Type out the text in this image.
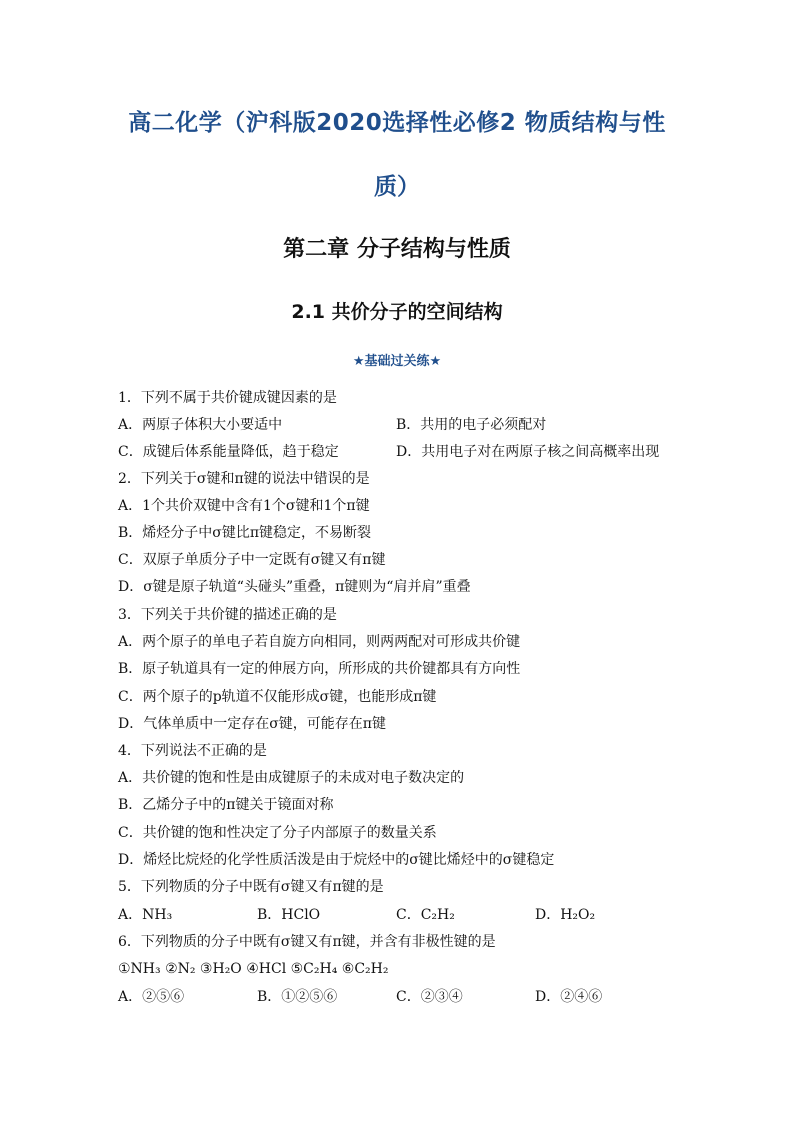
高二化学（沪科版2020选择性必修2 物质结构与性
质）
第二章 分子结构与性质
2.1 共价分子的空间结构
★基础过关练★
1．下列不属于共价键成键因素的是
A．两原子体积大小要适中	B．共用的电子必须配对
C．成键后体系能量降低，趋于稳定	D．共用电子对在两原子核之间高概率出现
2．下列关于σ键和π键的说法中错误的是
A．1个共价双键中含有1个σ键和1个π键
B．烯烃分子中σ键比π键稳定，不易断裂
C．双原子单质分子中一定既有σ键又有π键
D．σ键是原子轨道“头碰头”重叠，π键则为“肩并肩”重叠
3．下列关于共价键的描述正确的是
A．两个原子的单电子若自旋方向相同，则两两配对可形成共价键
B．原子轨道具有一定的伸展方向，所形成的共价键都具有方向性
C．两个原子的p轨道不仅能形成σ键，也能形成π键
D．气体单质中一定存在σ键，可能存在π键
4．下列说法不正确的是
A．共价键的饱和性是由成键原子的未成对电子数决定的
B．乙烯分子中的π键关于镜面对称
C．共价键的饱和性决定了分子内部原子的数量关系
D．烯烃比烷烃的化学性质活泼是由于烷烃中的σ键比烯烃中的σ键稳定
5．下列物质的分子中既有σ键又有π键的是
A．NH₃	B．HClO	C．C₂H₂	D．H₂O₂
6．下列物质的分子中既有σ键又有π键，并含有非极性键的是
①NH₃ ②N₂ ③H₂O ④HCl ⑤C₂H₄ ⑥C₂H₂
A．②⑤⑥	B．①②⑤⑥	C．②③④	D．②④⑥
